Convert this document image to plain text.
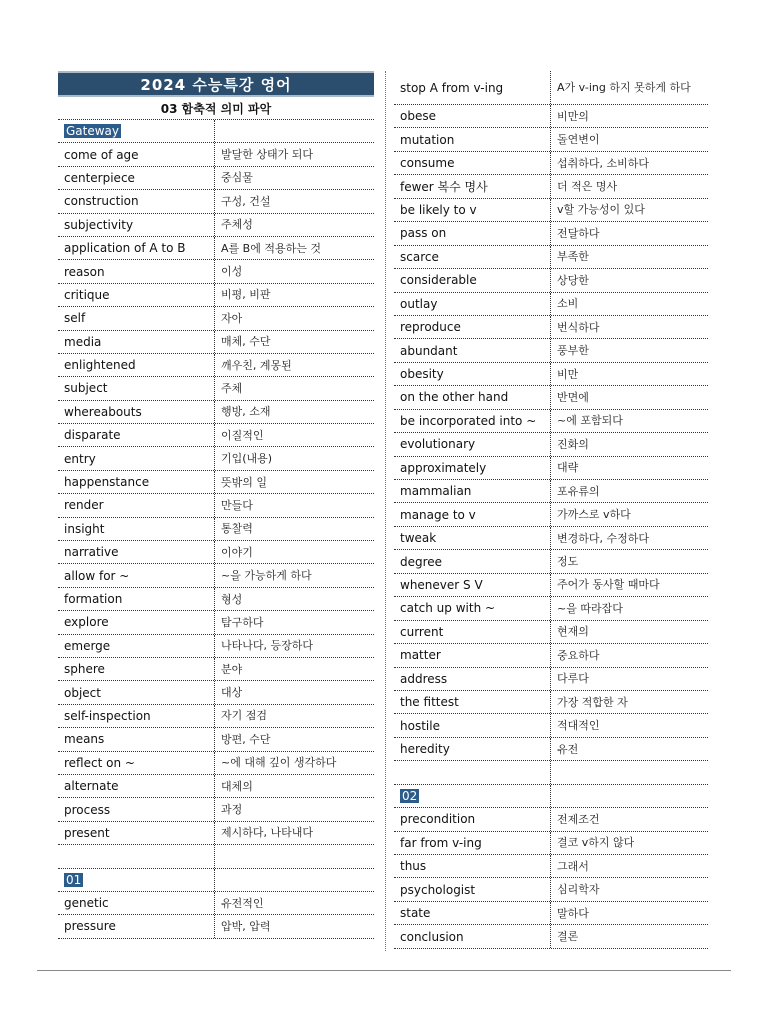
2024 수능특강 영어
03 함축적 의미 파악
Gateway
come of age	발달한 상태가 되다
centerpiece	중심물
construction	구성, 건설
subjectivity	주체성
application of A to B	A를 B에 적용하는 것
reason	이성
critique	비평, 비판
self	자아
media	매체, 수단
enlightened	깨우친, 계몽된
subject	주체
whereabouts	행방, 소재
disparate	이질적인
entry	기입(내용)
happenstance	뜻밖의 일
render	만들다
insight	통찰력
narrative	이야기
allow for ~	~을 가능하게 하다
formation	형성
explore	탐구하다
emerge	나타나다, 등장하다
sphere	분야
object	대상
self-inspection	자기 점검
means	방편, 수단
reflect on ~	~에 대해 깊이 생각하다
alternate	대체의
process	과정
present	제시하다, 나타내다
01
genetic	유전적인
pressure	압박, 압력
stop A from v-ing	A가 v-ing 하지 못하게 하다
obese	비만의
mutation	돌연변이
consume	섭취하다, 소비하다
fewer 복수 명사	더 적은 명사
be likely to v	v할 가능성이 있다
pass on	전달하다
scarce	부족한
considerable	상당한
outlay	소비
reproduce	번식하다
abundant	풍부한
obesity	비만
on the other hand	반면에
be incorporated into ~	~에 포함되다
evolutionary	진화의
approximately	대략
mammalian	포유류의
manage to v	가까스로 v하다
tweak	변경하다, 수정하다
degree	정도
whenever S V	주어가 동사할 때마다
catch up with ~	~을 따라잡다
current	현재의
matter	중요하다
address	다루다
the fittest	가장 적합한 자
hostile	적대적인
heredity	유전
02
precondition	전제조건
far from v-ing	결코 v하지 않다
thus	그래서
psychologist	심리학자
state	말하다
conclusion	결론
